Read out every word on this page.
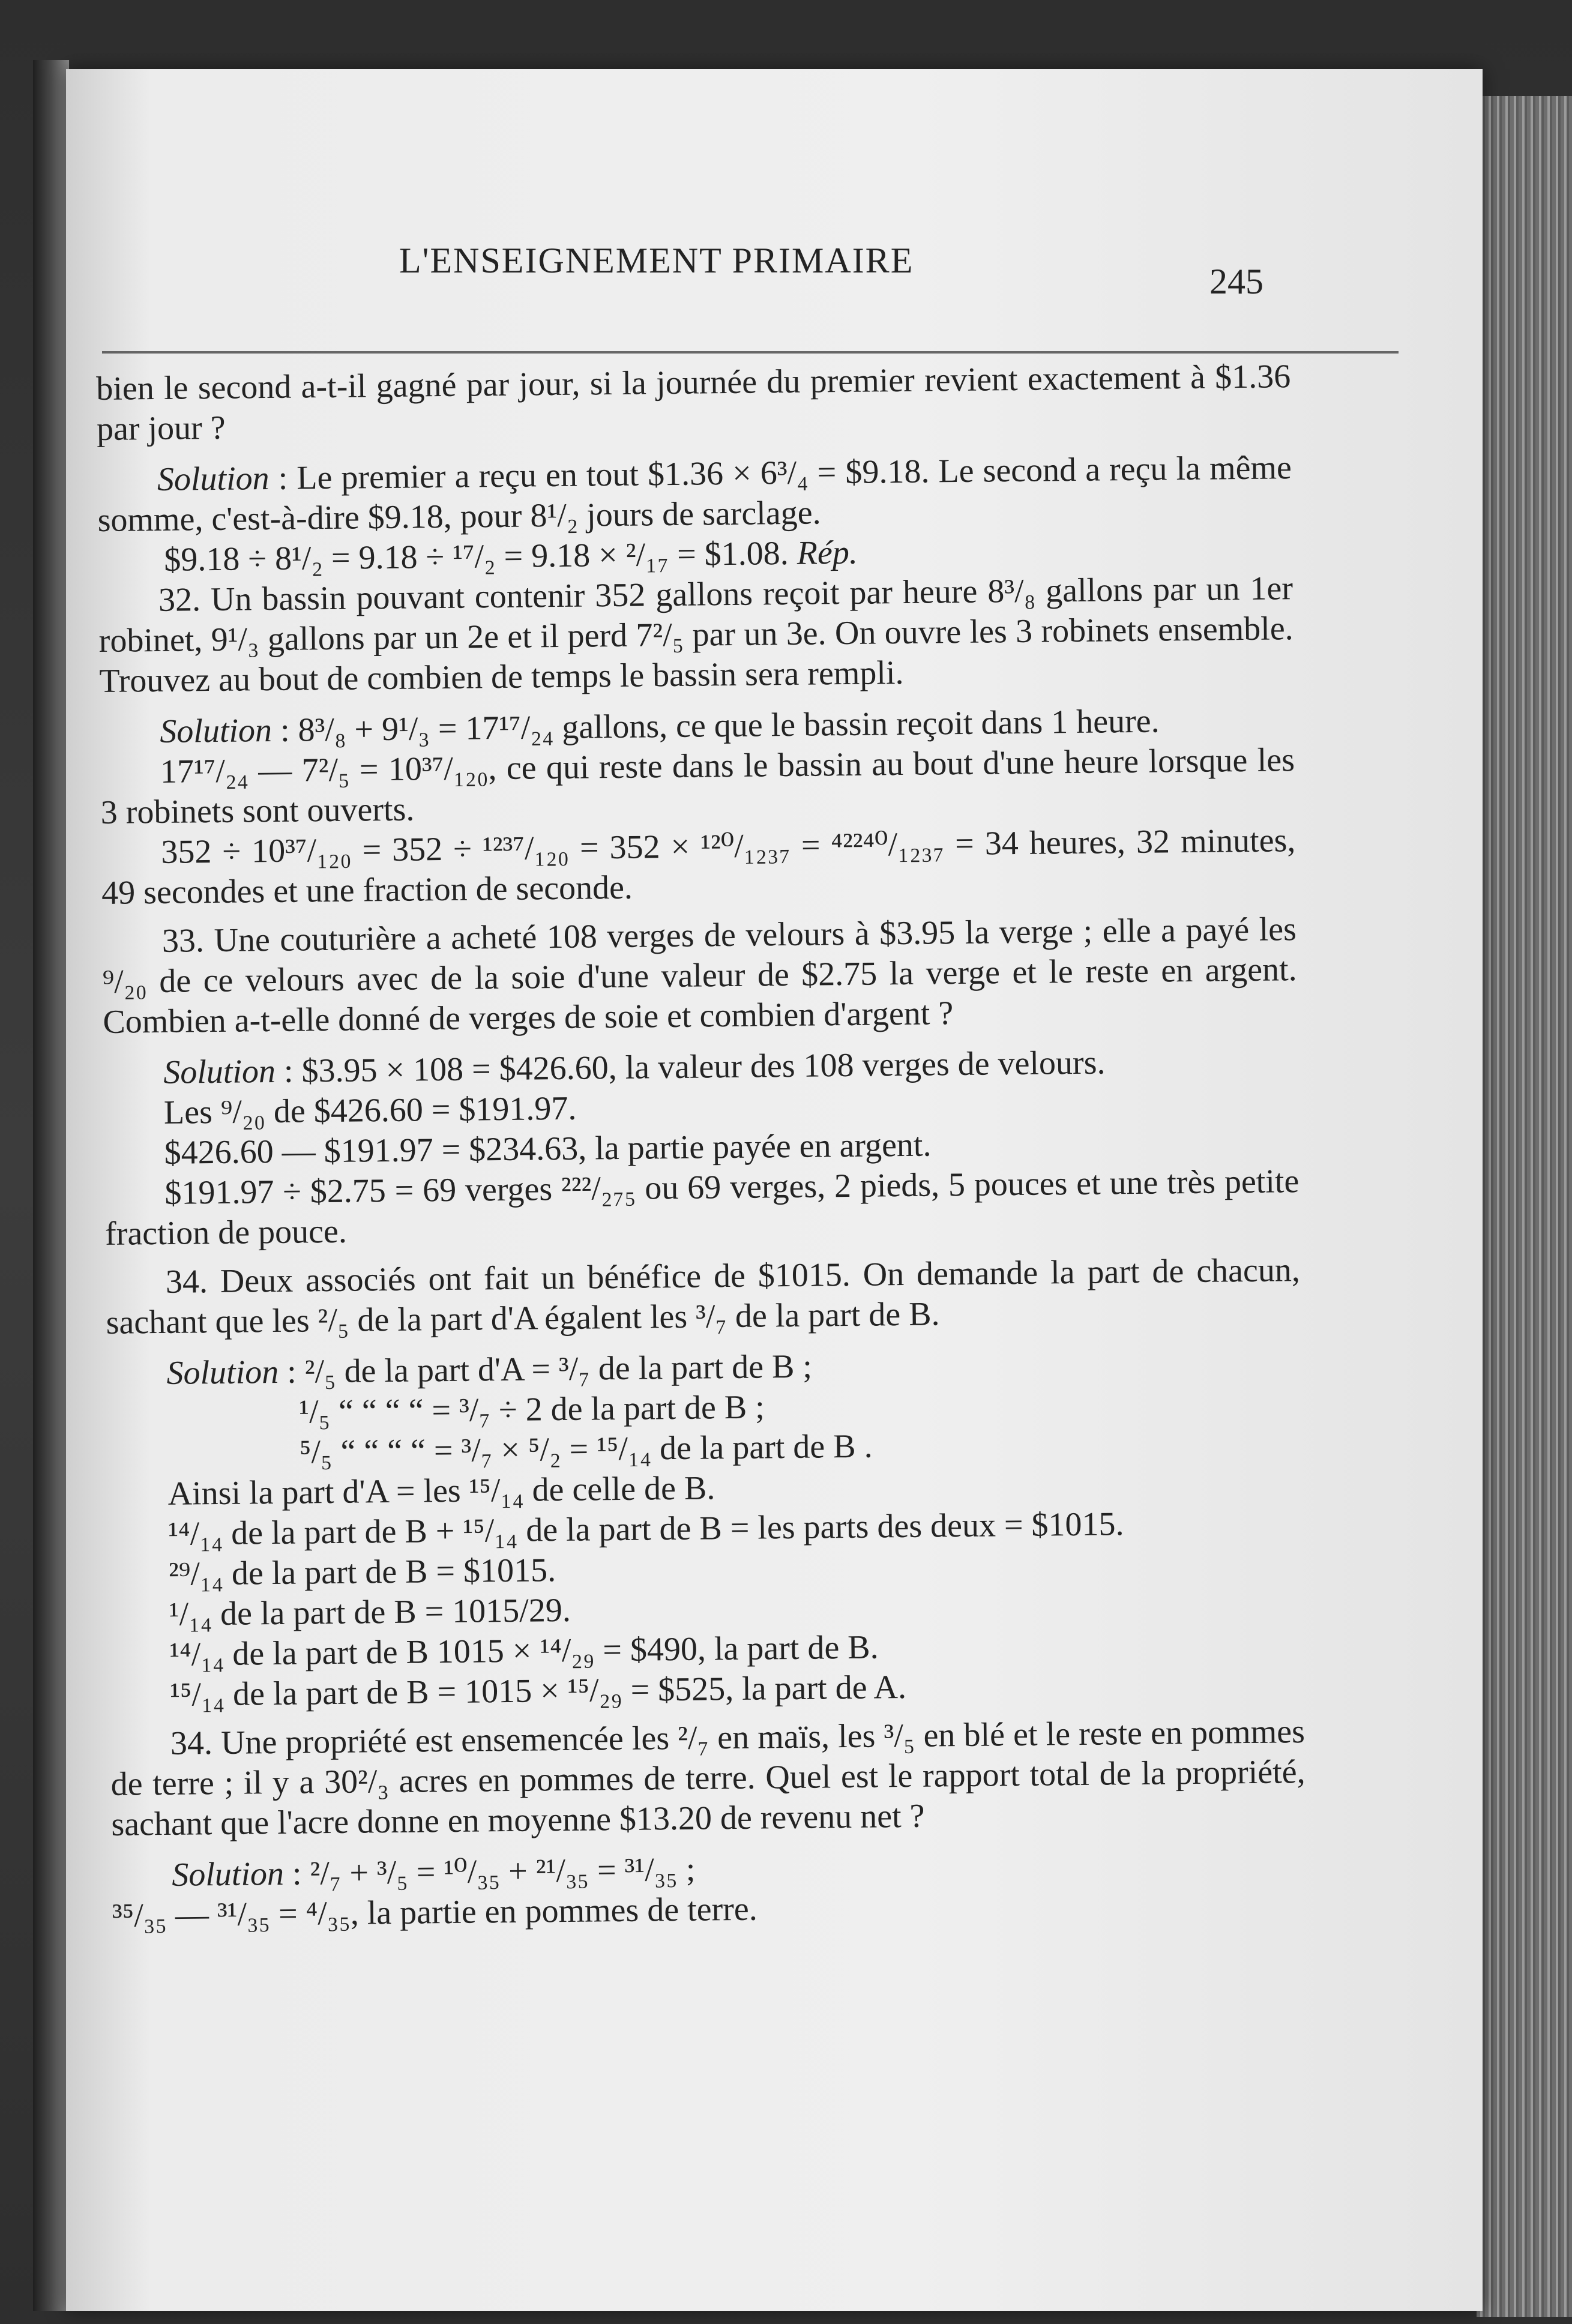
L'ENSEIGNEMENT PRIMAIRE
245

bien le second a-t-il gagné par jour, si la journée du premier revient exactement à $1.36 par jour ?

Solution : Le premier a reçu en tout $1.36 × 6³/₄ = $9.18. Le second a reçu la même somme, c'est-à-dire $9.18, pour 8¹/₂ jours de sarclage.

$9.18 ÷ 8¹/₂ = 9.18 ÷ ¹⁷/₂ = 9.18 × ²/₁₇ = $1.08. Rép.

32. Un bassin pouvant contenir 352 gallons reçoit par heure 8³/₈ gallons par un 1er robinet, 9¹/₃ gallons par un 2e et il perd 7²/₅ par un 3e. On ouvre les 3 robinets ensemble. Trouvez au bout de combien de temps le bassin sera rempli.

Solution : 8³/₈ + 9¹/₃ = 17¹⁷/₂₄ gallons, ce que le bassin reçoit dans 1 heure.

17¹⁷/₂₄ — 7²/₅ = 10³⁷/₁₂₀, ce qui reste dans le bassin au bout d'une heure lorsque les 3 robinets sont ouverts.

352 ÷ 10³⁷/₁₂₀ = 352 ÷ ¹²³⁷/₁₂₀ = 352 × ¹²⁰/₁₂₃₇ = ⁴²²⁴⁰/₁₂₃₇ = 34 heures, 32 minutes, 49 secondes et une fraction de seconde.

33. Une couturière a acheté 108 verges de velours à $3.95 la verge ; elle a payé les ⁹/₂₀ de ce velours avec de la soie d'une valeur de $2.75 la verge et le reste en argent. Combien a-t-elle donné de verges de soie et combien d'argent ?

Solution : $3.95 × 108 = $426.60, la valeur des 108 verges de velours.

Les ⁹/₂₀ de $426.60 = $191.97.

$426.60 — $191.97 = $234.63, la partie payée en argent.

$191.97 ÷ $2.75 = 69 verges ²²²/₂₇₅ ou 69 verges, 2 pieds, 5 pouces et une très petite fraction de pouce.

34. Deux associés ont fait un bénéfice de $1015. On demande la part de chacun, sachant que les ²/₅ de la part d'A égalent les ³/₇ de la part de B.

Solution : ²/₅ de la part d'A = ³/₇ de la part de B ;

¹/₅ “ “ “ “ = ³/₇ ÷ 2 de la part de B ;

⁵/₅ “ “ “ “ = ³/₇ × ⁵/₂ = ¹⁵/₁₄ de la part de B .

Ainsi la part d'A = les ¹⁵/₁₄ de celle de B.

¹⁴/₁₄ de la part de B + ¹⁵/₁₄ de la part de B = les parts des deux = $1015.

²⁹/₁₄ de la part de B = $1015.

¹/₁₄ de la part de B = 1015/29.

¹⁴/₁₄ de la part de B 1015 × ¹⁴/₂₉ = $490, la part de B.

¹⁵/₁₄ de la part de B = 1015 × ¹⁵/₂₉ = $525, la part de A.

34. Une propriété est ensemencée les ²/₇ en maïs, les ³/₅ en blé et le reste en pommes de terre ; il y a 30²/₃ acres en pommes de terre. Quel est le rapport total de la propriété, sachant que l'acre donne en moyenne $13.20 de revenu net ?

Solution : ²/₇ + ³/₅ = ¹⁰/₃₅ + ²¹/₃₅ = ³¹/₃₅ ;

³⁵/₃₅ — ³¹/₃₅ = ⁴/₃₅, la partie en pommes de terre.
